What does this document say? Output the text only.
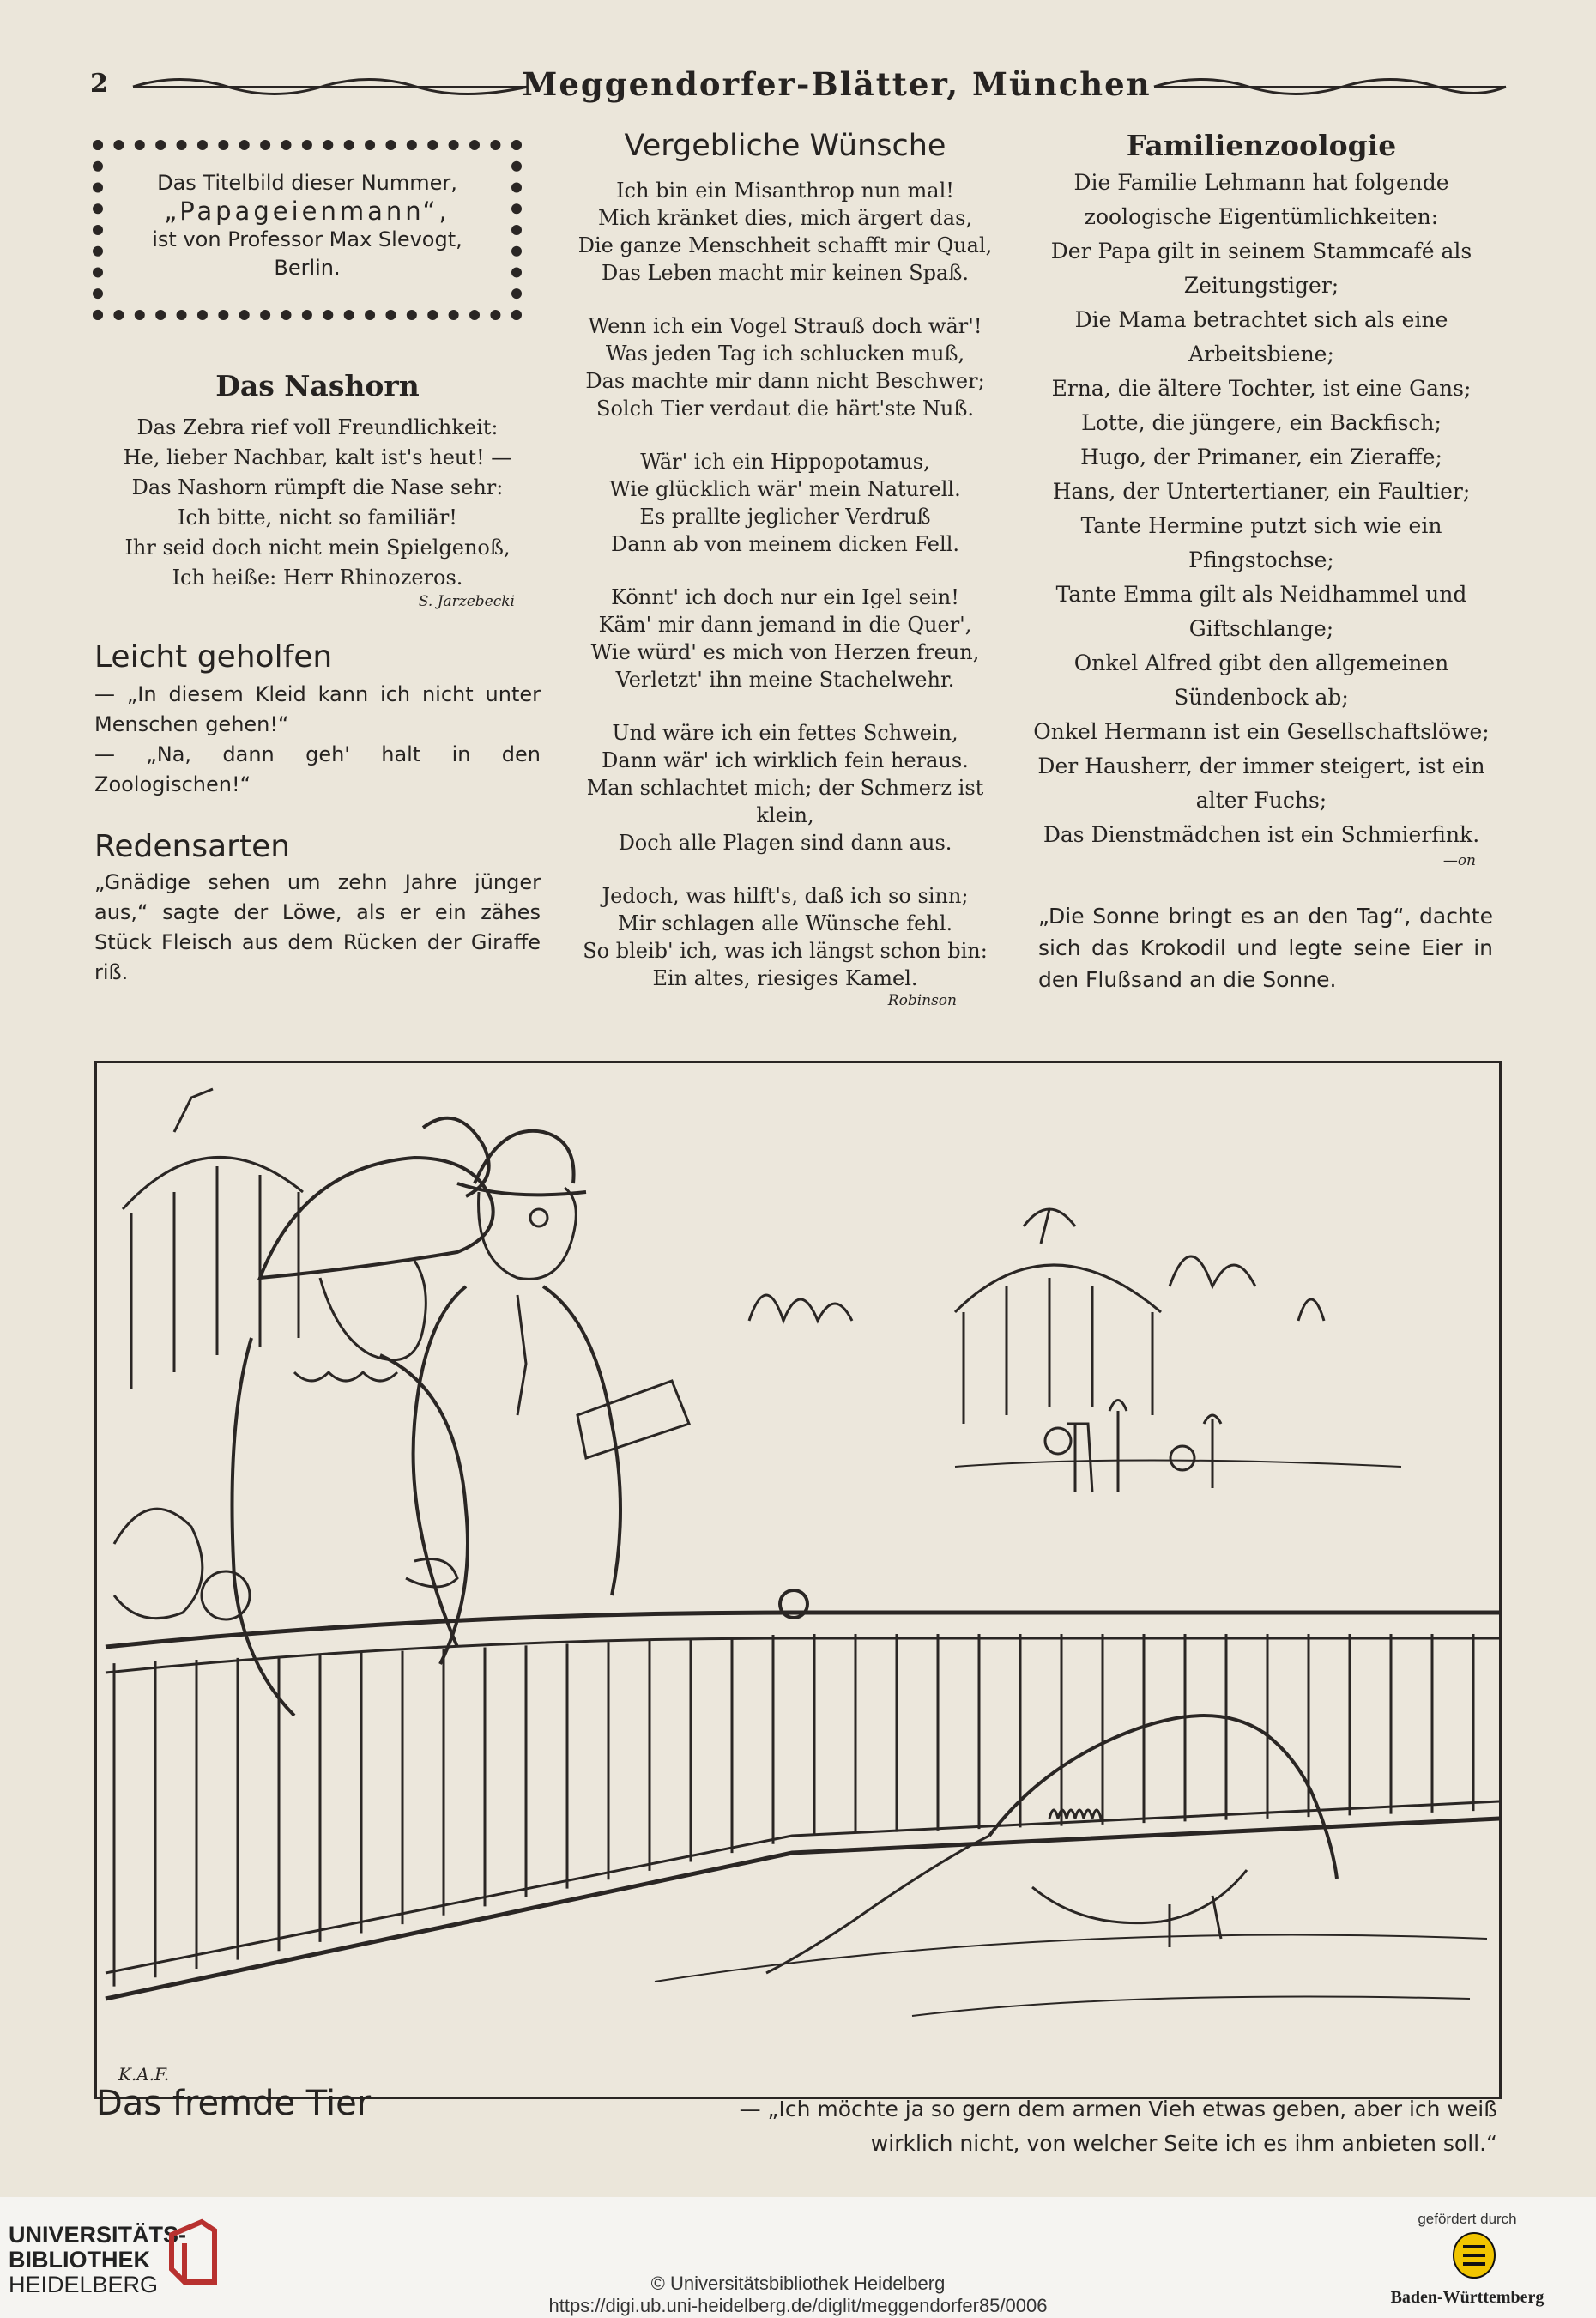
2	Meggendorfer-Blätter, München
Das Titelbild dieser Nummer,
„Papageienmann“,
ist von Professor Max Slevogt,
Berlin.
Das Nashorn
Das Zebra rief voll Freundlichkeit:
He, lieber Nachbar, kalt ist's heut! —
Das Nashorn rümpft die Nase sehr:
Ich bitte, nicht so familiär!
Ihr seid doch nicht mein Spielgenoß,
Ich heiße: Herr Rhinozeros.
S. Jarzebecki
Leicht geholfen
— „In diesem Kleid kann ich nicht unter Menschen gehen!“
— „Na, dann geh' halt in den Zoologischen!“
Redensarten
„Gnädige sehen um zehn Jahre jünger aus,“ sagte der Löwe, als er ein zähes Stück Fleisch aus dem Rücken der Giraffe riß.
Vergebliche Wünsche
Ich bin ein Misanthrop nun mal!
Mich kränket dies, mich ärgert das,
Die ganze Menschheit schafft mir Qual,
Das Leben macht mir keinen Spaß.
Wenn ich ein Vogel Strauß doch wär'!
Was jeden Tag ich schlucken muß,
Das machte mir dann nicht Beschwer;
Solch Tier verdaut die härt'ste Nuß.
Wär' ich ein Hippopotamus,
Wie glücklich wär' mein Naturell.
Es prallte jeglicher Verdruß
Dann ab von meinem dicken Fell.
Könnt' ich doch nur ein Igel sein!
Käm' mir dann jemand in die Quer',
Wie würd' es mich von Herzen freun,
Verletzt' ihn meine Stachelwehr.
Und wäre ich ein fettes Schwein,
Dann wär' ich wirklich fein heraus.
Man schlachtet mich; der Schmerz ist klein,
Doch alle Plagen sind dann aus.
Jedoch, was hilft's, daß ich so sinn;
Mir schlagen alle Wünsche fehl.
So bleib' ich, was ich längst schon bin:
Ein altes, riesiges Kamel.
Robinson
Familienzoologie
Die Familie Lehmann hat folgende
zoologische Eigentümlichkeiten:
Der Papa gilt in seinem Stammcafé als
Zeitungstiger;
Die Mama betrachtet sich als eine
Arbeitsbiene;
Erna, die ältere Tochter, ist eine Gans;
Lotte, die jüngere, ein Backfisch;
Hugo, der Primaner, ein Zieraffe;
Hans, der Untertertianer, ein Faultier;
Tante Hermine putzt sich wie ein
Pfingstochse;
Tante Emma gilt als Neidhammel und
Giftschlange;
Onkel Alfred gibt den allgemeinen
Sündenbock ab;
Onkel Hermann ist ein Gesellschaftslöwe;
Der Hausherr, der immer steigert, ist ein
alter Fuchs;
Das Dienstmädchen ist ein Schmierfink.
—on
„Die Sonne bringt es an den Tag“, dachte sich das Krokodil und legte seine Eier in den Flußsand an die Sonne.
K.A.F.
Das fremde Tier	— „Ich möchte ja so gern dem armen Vieh etwas geben, aber ich weiß wirklich nicht, von welcher Seite ich es ihm anbieten soll.“
UNIVERSITÄTS-
BIBLIOTHEK
HEIDELBERG	© Universitätsbibliothek Heidelberg
https://digi.ub.uni-heidelberg.de/diglit/meggendorfer85/0006
gefördert durch
Baden-Württemberg
